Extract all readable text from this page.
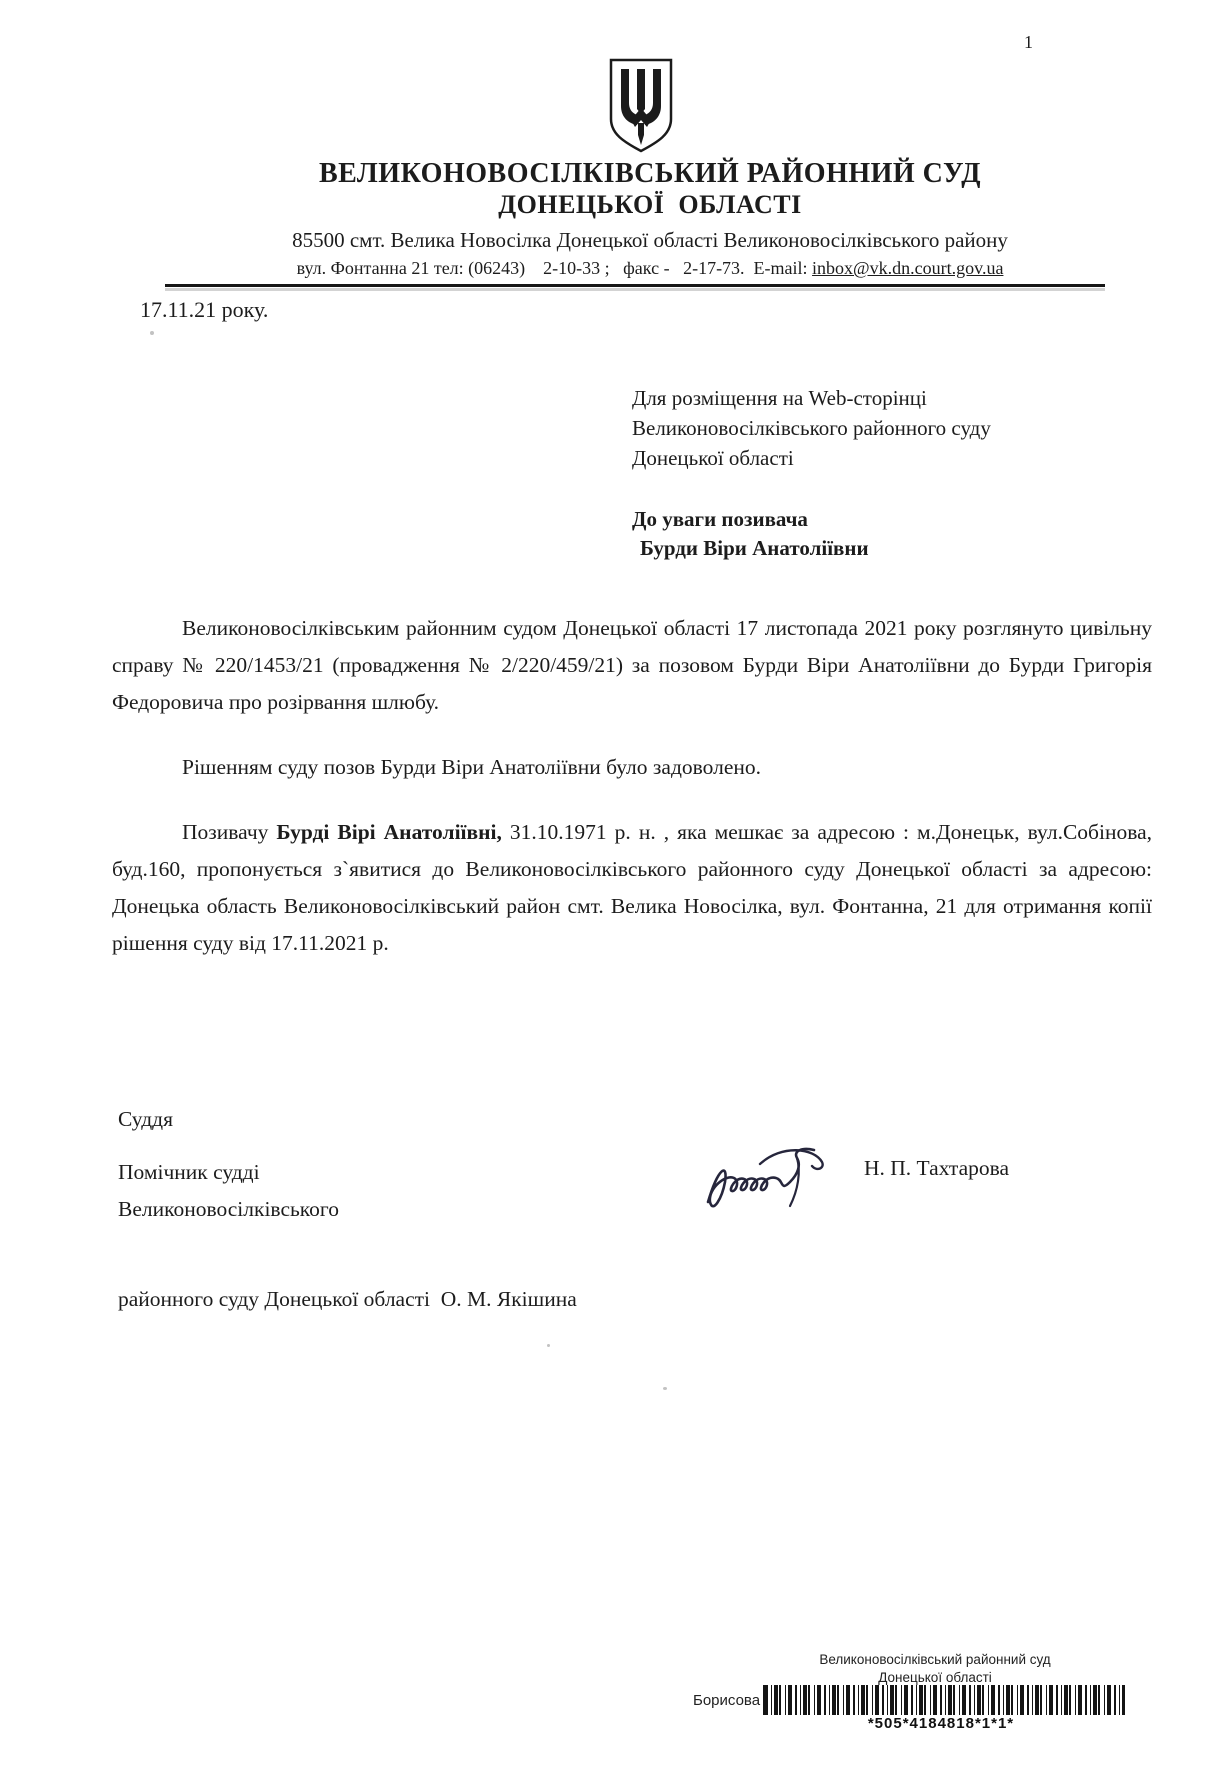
1
ВЕЛИКОНОВОСІЛКІВСЬКИЙ РАЙОННИЙ СУД
ДОНЕЦЬКОЇ  ОБЛАСТІ
85500 смт. Велика Новосілка Донецької області Великоновосілківського району
вул. Фонтанна 21 тел: (06243)    2-10-33 ;   факс -   2-17-73.  E-mail: inbox@vk.dn.court.gov.ua
17.11.21 року.
Для розміщення на Web-сторінці
Великоновосілківського районного суду
Донецької області
До уваги позивача
Бурди Віри Анатоліївни

Великоновосілківським районним судом Донецької області 17 листопада 2021 року розглянуто цивільну справу № 220/1453/21 (провадження № 2/220/459/21) за позовом Бурди Віри Анатоліївни до Бурди Григорія Федоровича про розірвання шлюбу.

Рішенням суду позов Бурди Віри Анатоліївни було задоволено.

Позивачу Бурді Вірі Анатоліївні, 31.10.1971 р. н. , яка мешкає за адресою : м.Донецьк, вул.Собінова, буд.160, пропонується з`явитися до Великоновосілківського районного суду Донецької області за адресою: Донецька область Великоновосілківський район смт. Велика Новосілка, вул. Фонтанна, 21 для отримання копії рішення суду від 17.11.2021 р.

Суддя

Великоновосілківського

районного суду Донецької області  О. М. Якішина

Помічник судді	Н. П. Тахтарова
Великоновосілківський районний суд
Донецької області
Борисова
*505*4184818*1*1*
